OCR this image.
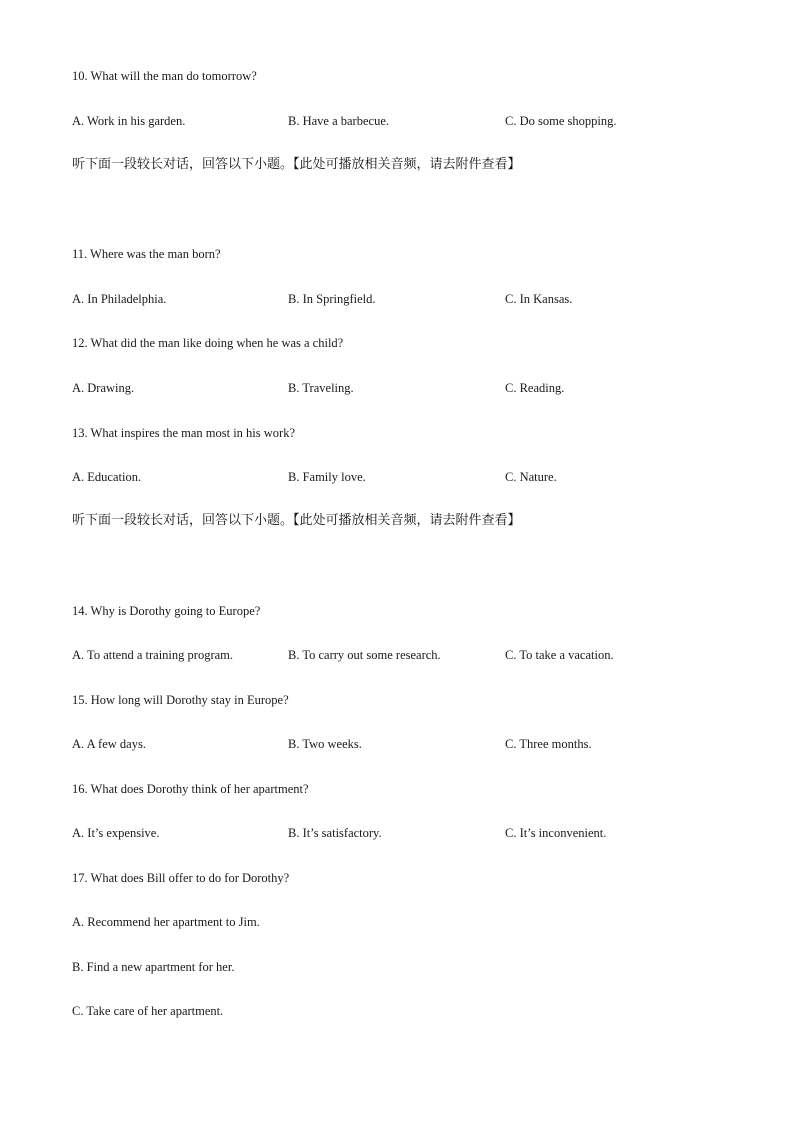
10. What will the man do tomorrow?
A. Work in his garden.	B. Have a barbecue.	C. Do some shopping.
听下面一段较长对话，回答以下小题。【此处可播放相关音频，请去附件查看】
11. Where was the man born?
A. In Philadelphia.	B. In Springfield.	C. In Kansas.
12. What did the man like doing when he was a child?
A. Drawing.	B. Traveling.	C. Reading.
13. What inspires the man most in his work?
A. Education.	B. Family love.	C. Nature.
听下面一段较长对话，回答以下小题。【此处可播放相关音频，请去附件查看】
14. Why is Dorothy going to Europe?
A. To attend a training program.	B. To carry out some research.	C. To take a vacation.
15. How long will Dorothy stay in Europe?
A. A few days.	B. Two weeks.	C. Three months.
16. What does Dorothy think of her apartment?
A. It’s expensive.	B. It’s satisfactory.	C. It’s inconvenient.
17. What does Bill offer to do for Dorothy?
A. Recommend her apartment to Jim.
B. Find a new apartment for her.
C. Take care of her apartment.
